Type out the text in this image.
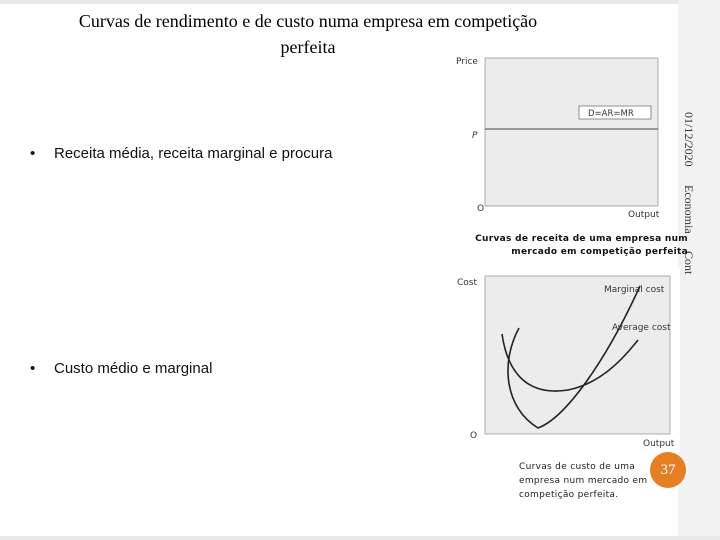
Curvas de rendimento e de custo numa empresa em competição
perfeita
• Receita média, receita marginal e procura
• Custo médio e marginal
01/12/2020  Economia  Cont
Price
D=AR=MR
P
O
Output
Curvas de receita de uma empresa num
mercado em competição perfeita
Cost
Marginal cost
Average cost
O
Output
Curvas de custo de uma
empresa num mercado em
competição perfeita.
37
